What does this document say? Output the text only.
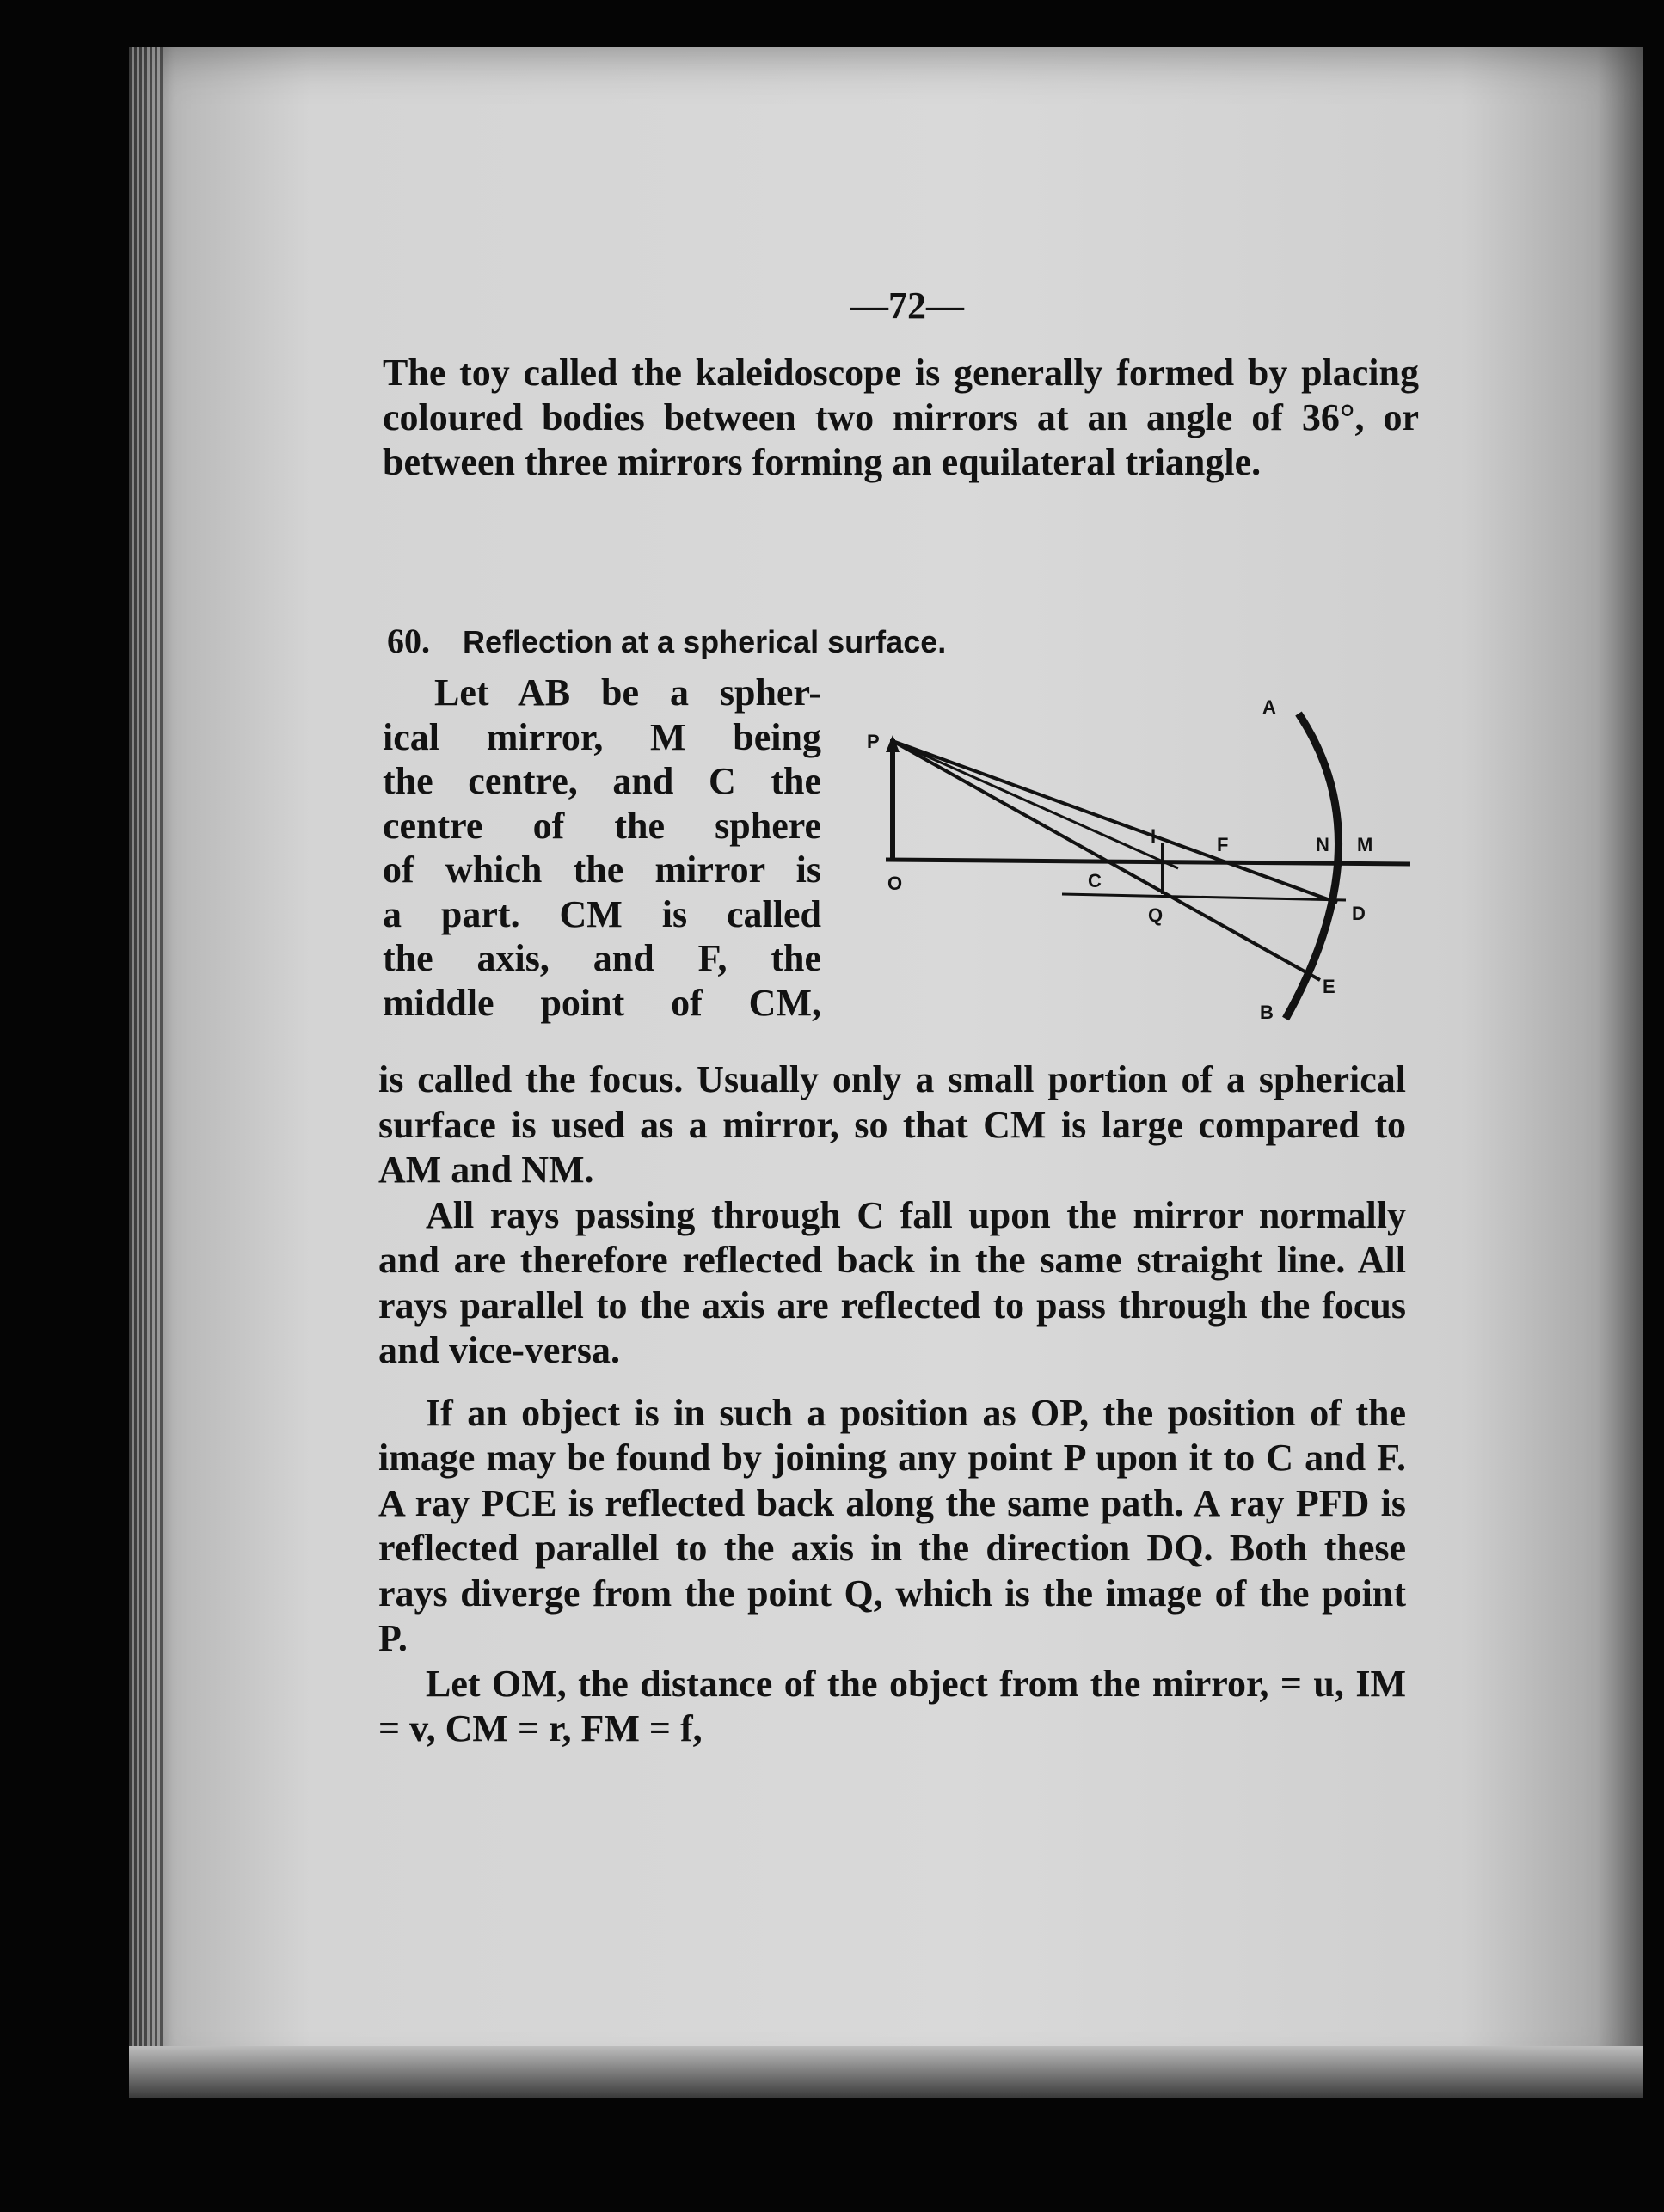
—72—

The toy called the kaleidoscope is generally formed by placing coloured bodies between two mirrors at an angle of 36°, or between three mirrors forming an equilateral triangle.

60. Reflection at a spherical surface.
Let AB be a spher-
ical mirror, M being
the centre, and C the
centre of the sphere
of which the mirror is
a part. CM is called
the axis, and F, the
middle point of CM,
A
P
O	C
I	F	N M
Q	D
E
B

is called the focus. Usually only a small portion of a spherical surface is used as a mirror, so that CM is large compared to AM and NM.

All rays passing through C fall upon the mirror normally and are therefore reflected back in the same straight line. All rays parallel to the axis are reflected to pass through the focus and vice-versa.

If an object is in such a position as OP, the position of the image may be found by joining any point P upon it to C and F. A ray PCE is reflected back along the same path. A ray PFD is reflected parallel to the axis in the direction DQ. Both these rays diverge from the point Q, which is the image of the point P.

Let OM, the distance of the object from the mirror, = u, IM = v, CM = r, FM = f,
